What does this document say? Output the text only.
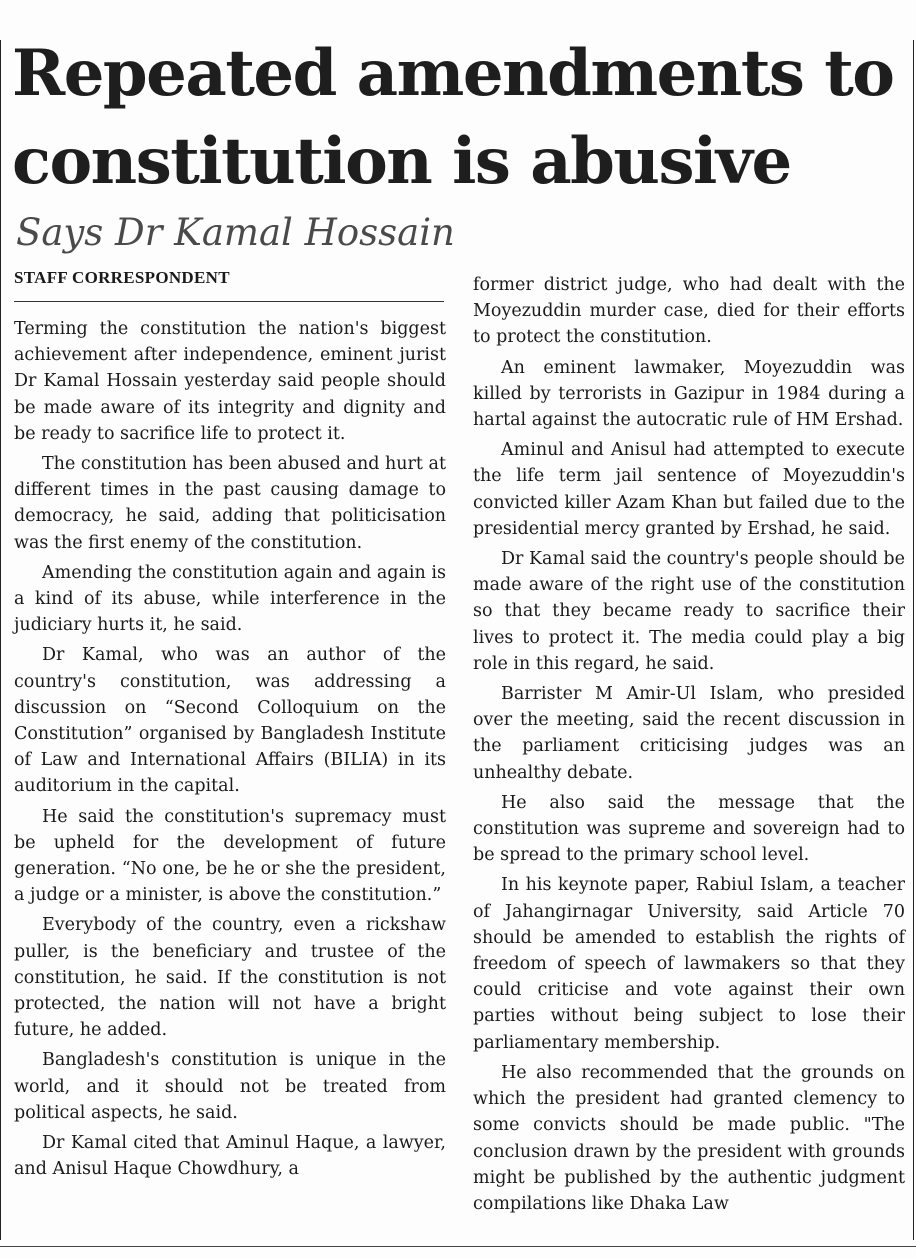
Repeated amendments to constitution is abusive
Says Dr Kamal Hossain
STAFF CORRESPONDENT

Terming the constitution the nation's biggest achievement after independence, eminent jurist Dr Kamal Hossain yesterday said people should be made aware of its integrity and dignity and be ready to sacrifice life to protect it.

The constitution has been abused and hurt at different times in the past causing damage to democracy, he said, adding that politicisation was the first enemy of the constitution.

Amending the constitution again and again is a kind of its abuse, while interference in the judiciary hurts it, he said.

Dr Kamal, who was an author of the country's constitution, was addressing a discussion on “Second Colloquium on the Constitution” organised by Bangladesh Institute of Law and International Affairs (BILIA) in its auditorium in the capital.

He said the constitution's supremacy must be upheld for the development of future generation. “No one, be he or she the president, a judge or a minister, is above the constitution.”

Everybody of the country, even a rickshaw puller, is the beneficiary and trustee of the constitution, he said. If the constitution is not protected, the nation will not have a bright future, he added.

Bangladesh's constitution is unique in the world, and it should not be treated from political aspects, he said.

Dr Kamal cited that Aminul Haque, a lawyer, and Anisul Haque Chowdhury, a

former district judge, who had dealt with the Moyezuddin murder case, died for their efforts to protect the constitution.

An eminent lawmaker, Moyezuddin was killed by terrorists in Gazipur in 1984 during a hartal against the autocratic rule of HM Ershad.

Aminul and Anisul had attempted to execute the life term jail sentence of Moyezuddin's convicted killer Azam Khan but failed due to the presidential mercy granted by Ershad, he said.

Dr Kamal said the country's people should be made aware of the right use of the constitution so that they became ready to sacrifice their lives to protect it. The media could play a big role in this regard, he said.

Barrister M Amir-Ul Islam, who presided over the meeting, said the recent discussion in the parliament criticising judges was an unhealthy debate.

He also said the message that the constitution was supreme and sovereign had to be spread to the primary school level.

In his keynote paper, Rabiul Islam, a teacher of Jahangirnagar University, said Article 70 should be amended to establish the rights of freedom of speech of lawmakers so that they could criticise and vote against their own parties without being subject to lose their parliamentary membership.

He also recommended that the grounds on which the president had granted clemency to some convicts should be made public. "The conclusion drawn by the president with grounds might be published by the authentic judgment compilations like Dhaka Law
